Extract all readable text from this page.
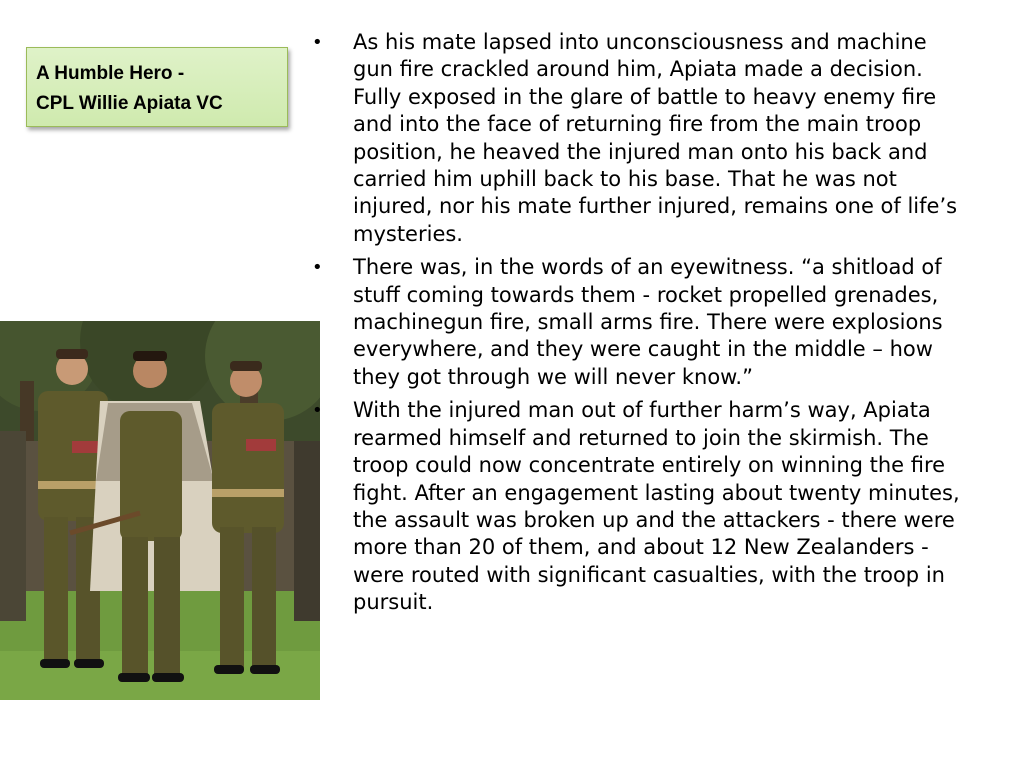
A Humble Hero -
CPL Willie Apiata VC
• As his mate lapsed into unconsciousness and machine gun fire crackled around him, Apiata made a decision. Fully exposed in the glare of battle to heavy enemy fire and into the face of returning fire from the main troop position, he heaved the injured man onto his back and carried him uphill back to his base. That he was not injured, nor his mate further injured, remains one of life’s mysteries.
• There was, in the words of an eyewitness. “a shitload of stuff coming towards them - rocket propelled grenades, machinegun fire, small arms fire. There were explosions everywhere, and they were caught in the middle – how they got through we will never know.”
• With the injured man out of further harm’s way, Apiata rearmed himself and returned to join the skirmish. The troop could now concentrate entirely on winning the fire fight. After an engagement lasting about twenty minutes, the assault was broken up and the attackers - there were more than 20 of them, and about 12 New Zealanders - were routed with significant casualties, with the troop in pursuit.
